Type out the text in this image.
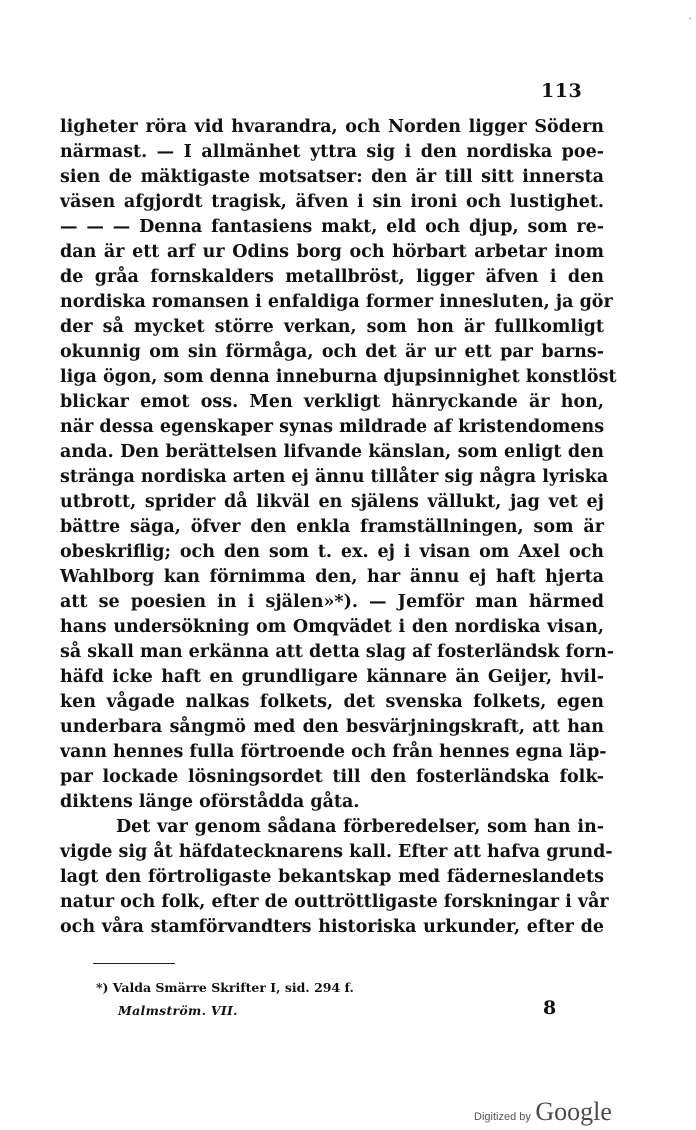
´
113
ligheter röra vid hvarandra, och Norden ligger Södern
närmast. — I allmänhet yttra sig i den nordiska poe-
sien de mäktigaste motsatser: den är till sitt innersta
väsen afgjordt tragisk, äfven i sin ironi och lustighet.
— — — Denna fantasiens makt, eld och djup, som re-
dan är ett arf ur Odins borg och hörbart arbetar inom
de gråa fornskalders metallbröst, ligger äfven i den
nordiska romansen i enfaldiga former innesluten, ja gör
der så mycket större verkan, som hon är fullkomligt
okunnig om sin förmåga, och det är ur ett par barns-
liga ögon, som denna inneburna djupsinnighet konstlöst
blickar emot oss. Men verkligt hänryckande är hon,
när dessa egenskaper synas mildrade af kristendomens
anda. Den berättelsen lifvande känslan, som enligt den
stränga nordiska arten ej ännu tillåter sig några lyriska
utbrott, sprider då likväl en själens vällukt, jag vet ej
bättre säga, öfver den enkla framställningen, som är
obeskriflig; och den som t. ex. ej i visan om Axel och
Wahlborg kan förnimma den, har ännu ej haft hjerta
att se poesien in i själen»*). — Jemför man härmed
hans undersökning om Omqvädet i den nordiska visan,
så skall man erkänna att detta slag af fosterländsk forn-
häfd icke haft en grundligare kännare än Geijer, hvil-
ken vågade nalkas folkets, det svenska folkets, egen
underbara sångmö med den besvärjningskraft, att han
vann hennes fulla förtroende och från hennes egna läp-
par lockade lösningsordet till den fosterländska folk-
diktens länge oförstådda gåta.
Det var genom sådana förberedelser, som han in-
vigde sig åt häfdatecknarens kall. Efter att hafva grund-
lagt den förtroligaste bekantskap med fäderneslandets
natur och folk, efter de outtröttligaste forskningar i vår
och våra stamförvandters historiska urkunder, efter de
*) Valda Smärre Skrifter I, sid. 294 f.
Malmström. VII.	8
Digitized by Google
